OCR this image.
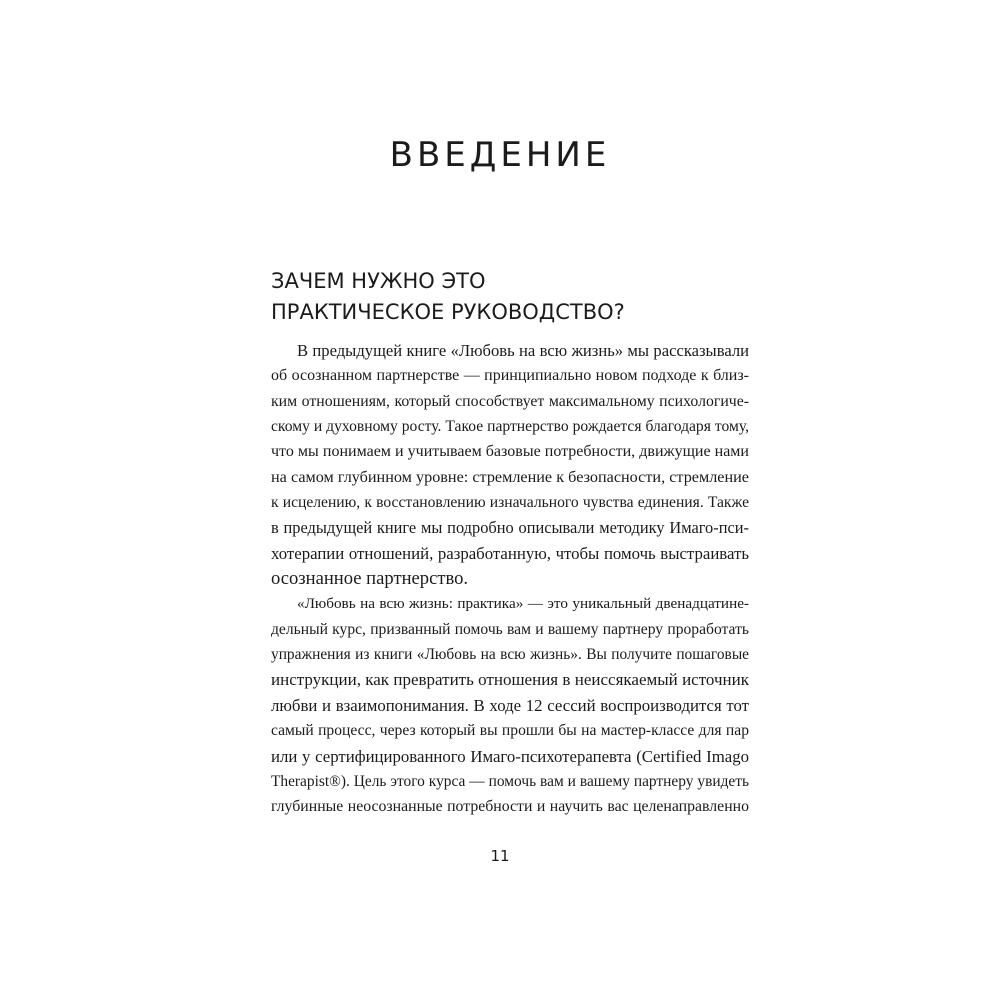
ВВЕДЕНИЕ
ЗАЧЕМ НУЖНО ЭТО
ПРАКТИЧЕСКОЕ РУКОВОДСТВО?
В предыдущей книге «Любовь на всю жизнь» мы рассказывали
об осознанном партнерстве — принципиально новом подходе к близ-
ким отношениям, который способствует максимальному психологиче-
скому и духовному росту. Такое партнерство рождается благодаря тому,
что мы понимаем и учитываем базовые потребности, движущие нами
на самом глубинном уровне: стремление к безопасности, стремление
к исцелению, к восстановлению изначального чувства единения. Также
в предыдущей книге мы подробно описывали методику Имаго-пси-
хотерапии отношений, разработанную, чтобы помочь выстраивать
осознанное партнерство.
«Любовь на всю жизнь: практика» — это уникальный двенадцатине-
дельный курс, призванный помочь вам и вашему партнеру проработать
упражнения из книги «Любовь на всю жизнь». Вы получите пошаговые
инструкции, как превратить отношения в неиссякаемый источник
любви и взаимопонимания. В ходе 12 сессий воспроизводится тот
самый процесс, через который вы прошли бы на мастер-классе для пар
или у сертифицированного Имаго-психотерапевта (Certified Imago
Therapist®). Цель этого курса — помочь вам и вашему партнеру увидеть
глубинные неосознанные потребности и научить вас целенаправленно
11
